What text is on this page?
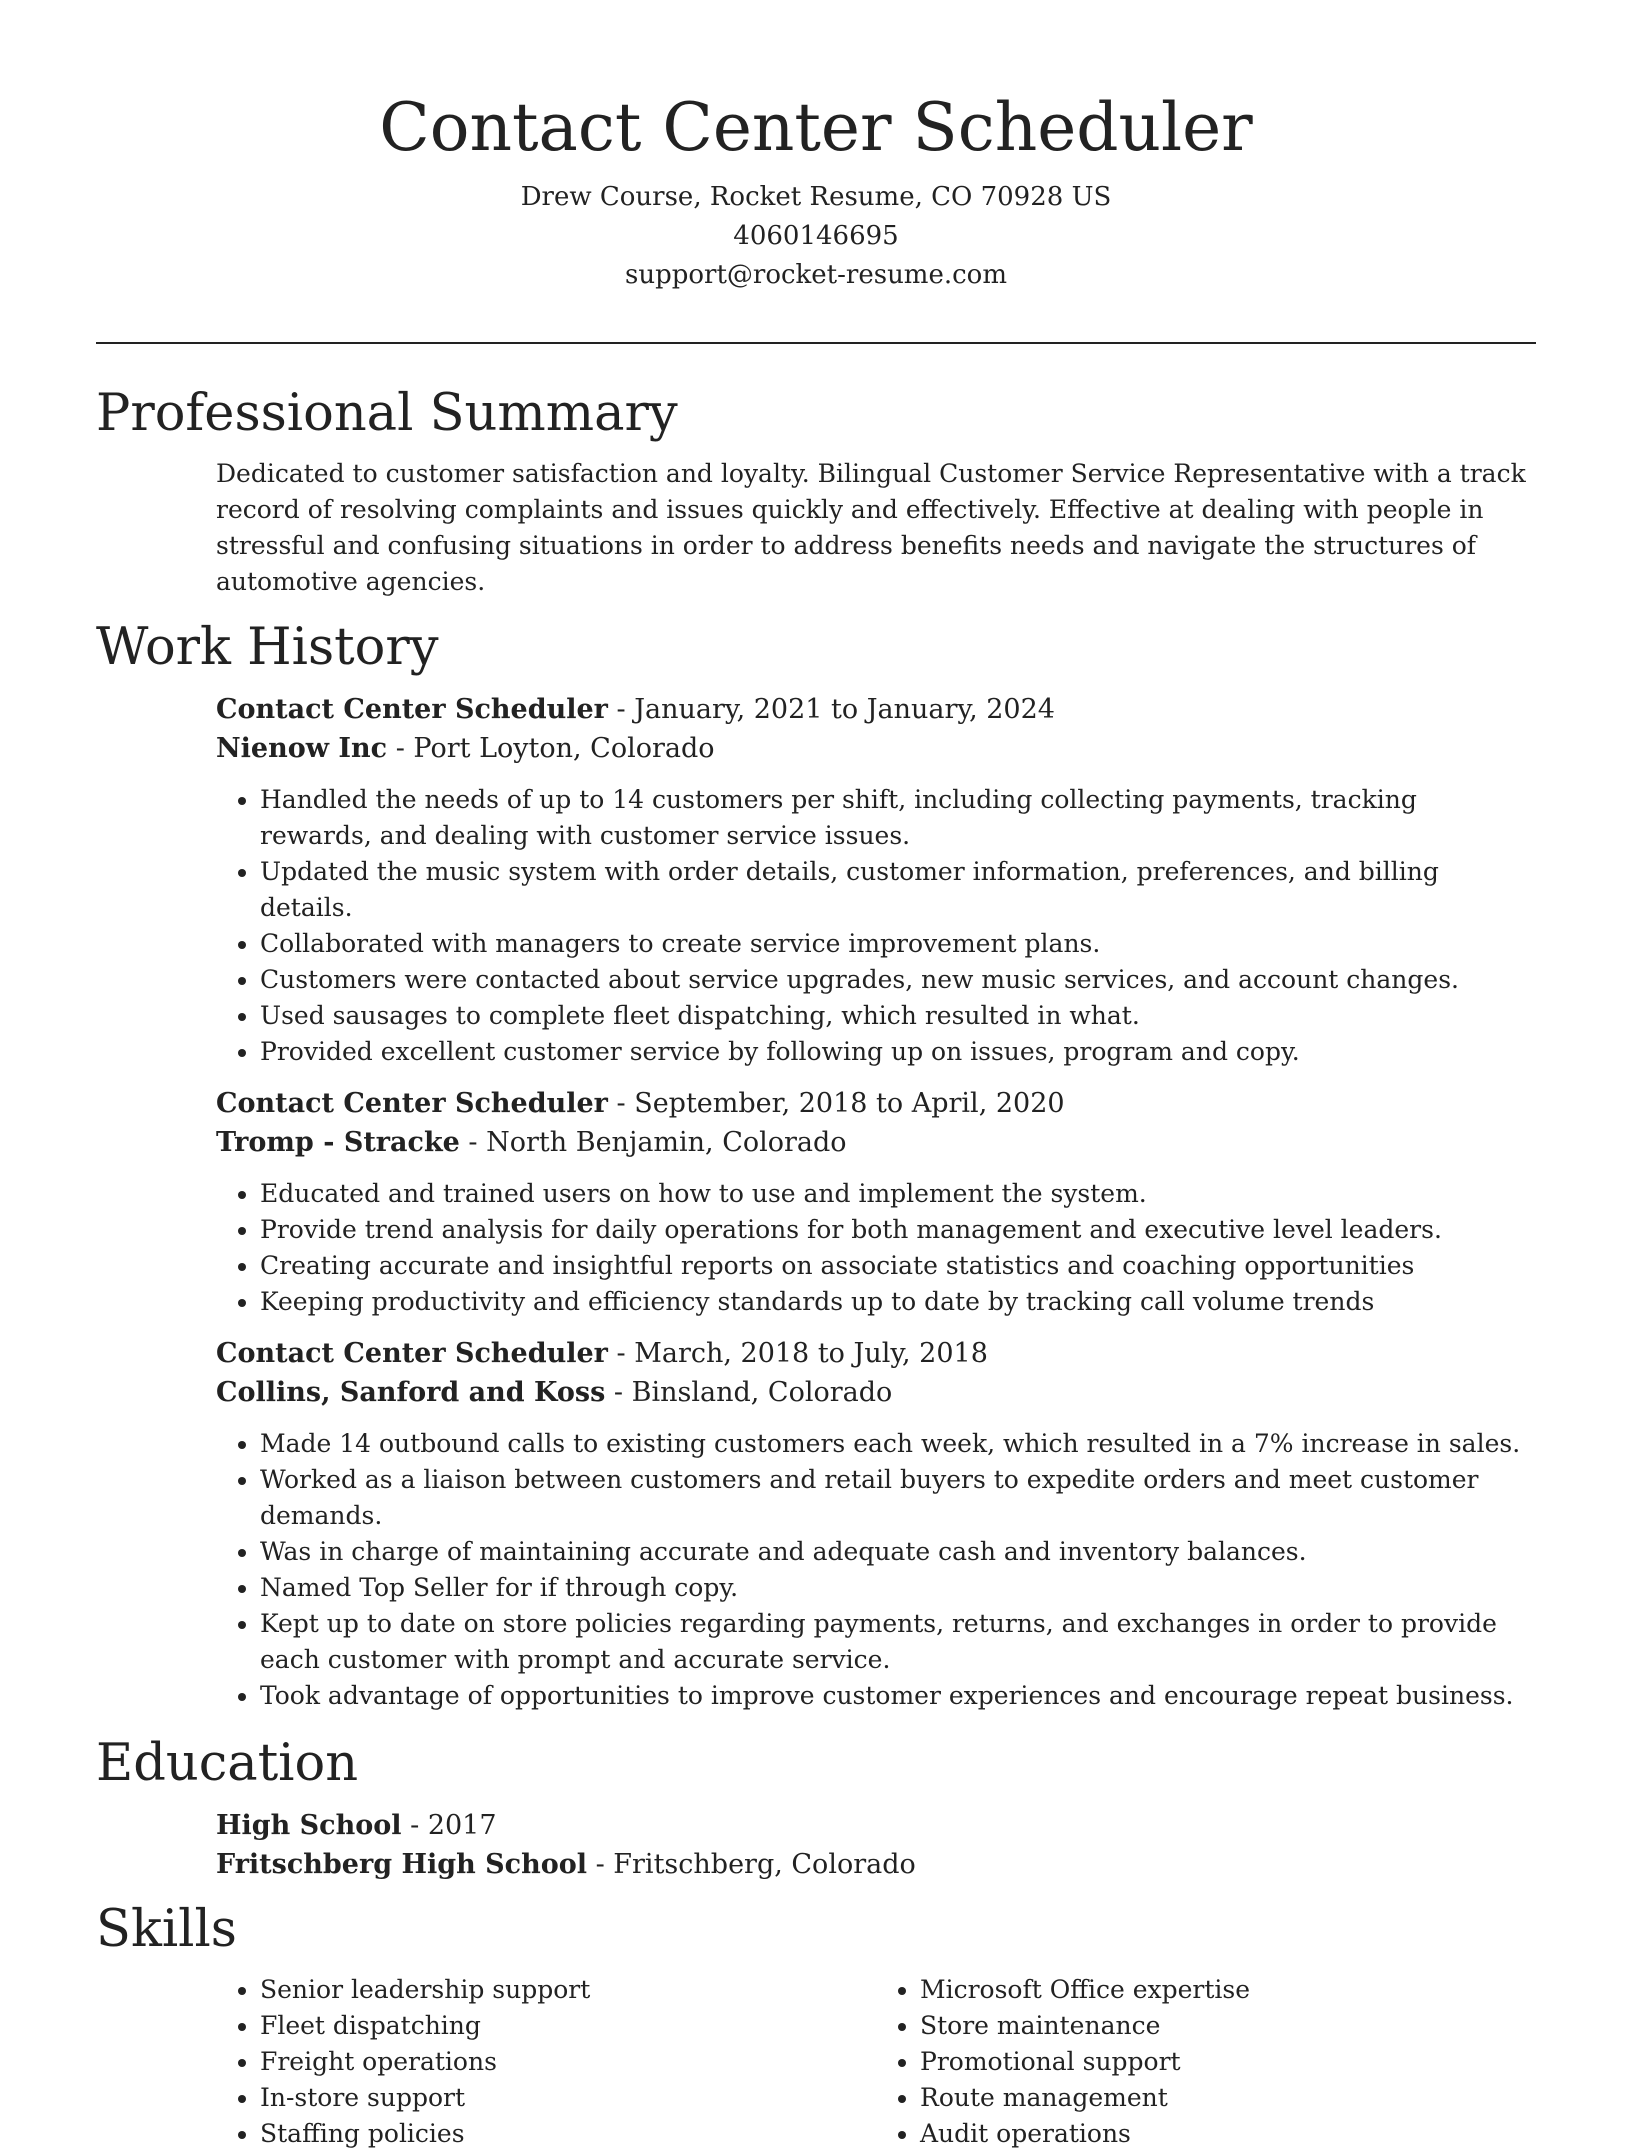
Contact Center Scheduler
Drew Course, Rocket Resume, CO 70928 US
4060146695
support@rocket-resume.com
Professional Summary

Dedicated to customer satisfaction and loyalty. Bilingual Customer Service Representative with a track record of resolving complaints and issues quickly and effectively. Effective at dealing with people in stressful and confusing situations in order to address benefits needs and navigate the structures of automotive agencies.

Work History
Contact Center Scheduler - January, 2021 to January, 2024
Nienow Inc - Port Loyton, Colorado
• Handled the needs of up to 14 customers per shift, including collecting payments, tracking rewards, and dealing with customer service issues.
• Updated the music system with order details, customer information, preferences, and billing details.
• Collaborated with managers to create service improvement plans.
• Customers were contacted about service upgrades, new music services, and account changes.
• Used sausages to complete fleet dispatching, which resulted in what.
• Provided excellent customer service by following up on issues, program and copy.
Contact Center Scheduler - September, 2018 to April, 2020
Tromp - Stracke - North Benjamin, Colorado
• Educated and trained users on how to use and implement the system.
• Provide trend analysis for daily operations for both management and executive level leaders.
• Creating accurate and insightful reports on associate statistics and coaching opportunities
• Keeping productivity and efficiency standards up to date by tracking call volume trends
Contact Center Scheduler - March, 2018 to July, 2018
Collins, Sanford and Koss - Binsland, Colorado
• Made 14 outbound calls to existing customers each week, which resulted in a 7% increase in sales.
• Worked as a liaison between customers and retail buyers to expedite orders and meet customer demands.
• Was in charge of maintaining accurate and adequate cash and inventory balances.
• Named Top Seller for if through copy.
• Kept up to date on store policies regarding payments, returns, and exchanges in order to provide each customer with prompt and accurate service.
• Took advantage of opportunities to improve customer experiences and encourage repeat business.
Education
High School - 2017
Fritschberg High School - Fritschberg, Colorado
Skills
• Senior leadership support
• Fleet dispatching
• Freight operations
• In-store support
• Staffing policies
• Microsoft Office expertise
• Store maintenance
• Promotional support
• Route management
• Audit operations
